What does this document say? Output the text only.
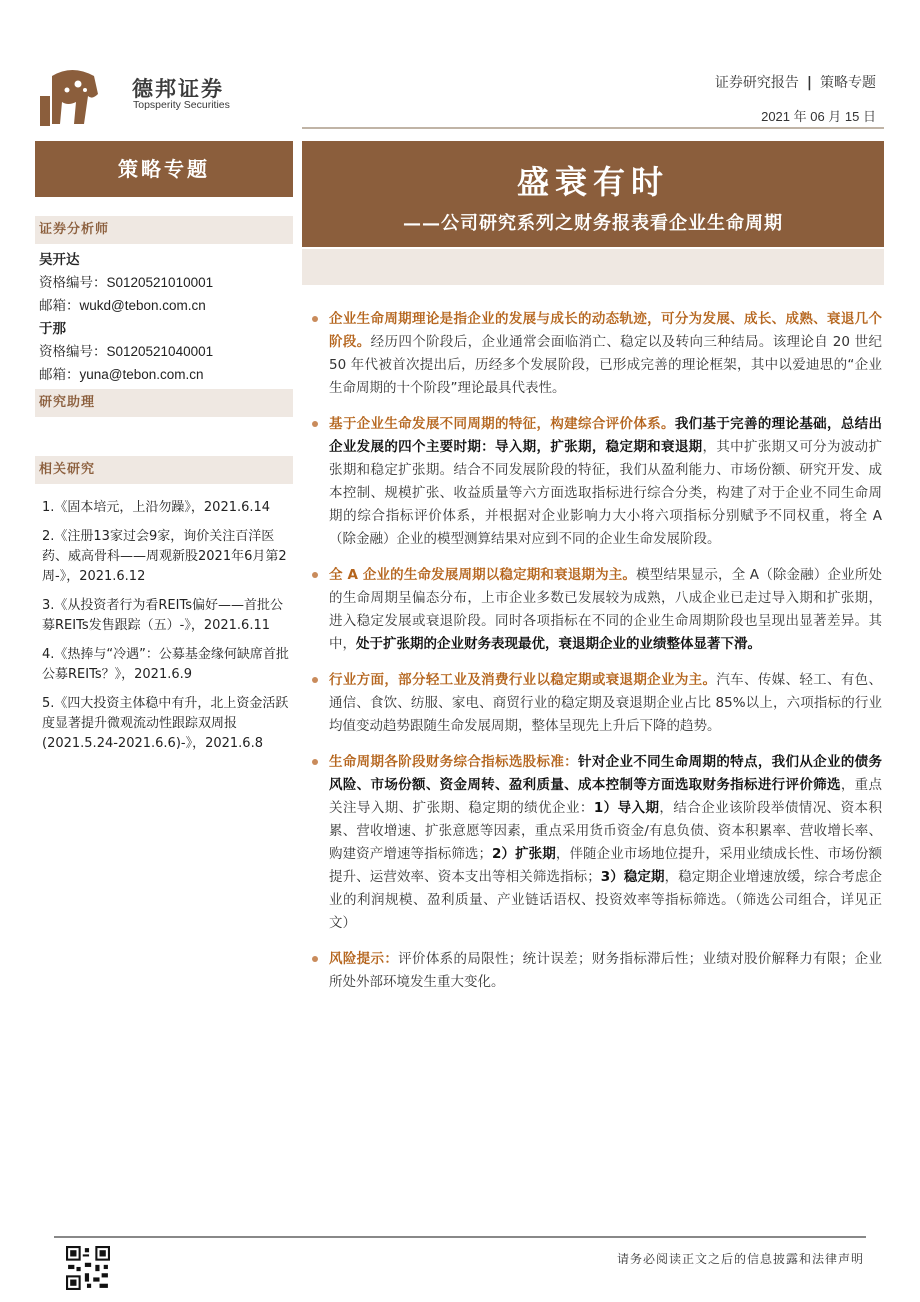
德邦证券
Topsperity Securities
证券研究报告 | 策略专题
2021 年 06 月 15 日
策略专题	盛衰有时
——公司研究系列之财务报表看企业生命周期
证券分析师
吴开达
资格编号：S0120521010001
邮箱：wukd@tebon.com.cn
于那
资格编号：S0120521040001
邮箱：yuna@tebon.com.cn
研究助理
相关研究
1.《固本培元，上沿勿躁》，2021.6.14
2.《注册13家过会9家，询价关注百洋医药、威高骨科——周观新股2021年6月第2周-》，2021.6.12
3.《从投资者行为看REITs偏好——首批公募REITs发售跟踪（五）-》，2021.6.11
4.《热捧与“冷遇”：公募基金缘何缺席首批公募REITs？》，2021.6.9
5.《四大投资主体稳中有升，北上资金活跃度显著提升微观流动性跟踪双周报(2021.5.24-2021.6.6)-》，2021.6.8
企业生命周期理论是指企业的发展与成长的动态轨迹，可分为发展、成长、成熟、衰退几个阶段。经历四个阶段后，企业通常会面临消亡、稳定以及转向三种结局。该理论自 20 世纪 50 年代被首次提出后，历经多个发展阶段，已形成完善的理论框架，其中以爱迪思的“企业生命周期的十个阶段”理论最具代表性。
基于企业生命发展不同周期的特征，构建综合评价体系。我们基于完善的理论基础，总结出企业发展的四个主要时期：导入期，扩张期，稳定期和衰退期，其中扩张期又可分为波动扩张期和稳定扩张期。结合不同发展阶段的特征，我们从盈利能力、市场份额、研究开发、成本控制、规模扩张、收益质量等六方面选取指标进行综合分类，构建了对于企业不同生命周期的综合指标评价体系，并根据对企业影响力大小将六项指标分别赋予不同权重，将全 A（除金融）企业的模型测算结果对应到不同的企业生命发展阶段。
全 A 企业的生命发展周期以稳定期和衰退期为主。模型结果显示，全 A（除金融）企业所处的生命周期呈偏态分布，上市企业多数已发展较为成熟，八成企业已走过导入期和扩张期，进入稳定发展或衰退阶段。同时各项指标在不同的企业生命周期阶段也呈现出显著差异。其中，处于扩张期的企业财务表现最优，衰退期企业的业绩整体显著下滑。
行业方面，部分轻工业及消费行业以稳定期或衰退期企业为主。汽车、传媒、轻工、有色、通信、食饮、纺服、家电、商贸行业的稳定期及衰退期企业占比 85%以上，六项指标的行业均值变动趋势跟随生命发展周期，整体呈现先上升后下降的趋势。
生命周期各阶段财务综合指标选股标准：针对企业不同生命周期的特点，我们从企业的债务风险、市场份额、资金周转、盈利质量、成本控制等方面选取财务指标进行评价筛选，重点关注导入期、扩张期、稳定期的绩优企业：1）导入期，结合企业该阶段举债情况、资本积累、营收增速、扩张意愿等因素，重点采用货币资金/有息负债、资本积累率、营收增长率、购建资产增速等指标筛选；2）扩张期，伴随企业市场地位提升，采用业绩成长性、市场份额提升、运营效率、资本支出等相关筛选指标；3）稳定期，稳定期企业增速放缓，综合考虑企业的利润规模、盈利质量、产业链话语权、投资效率等指标筛选。（筛选公司组合，详见正文）
风险提示：评价体系的局限性；统计误差；财务指标滞后性；业绩对股价解释力有限；企业所处外部环境发生重大变化。
请务必阅读正文之后的信息披露和法律声明
